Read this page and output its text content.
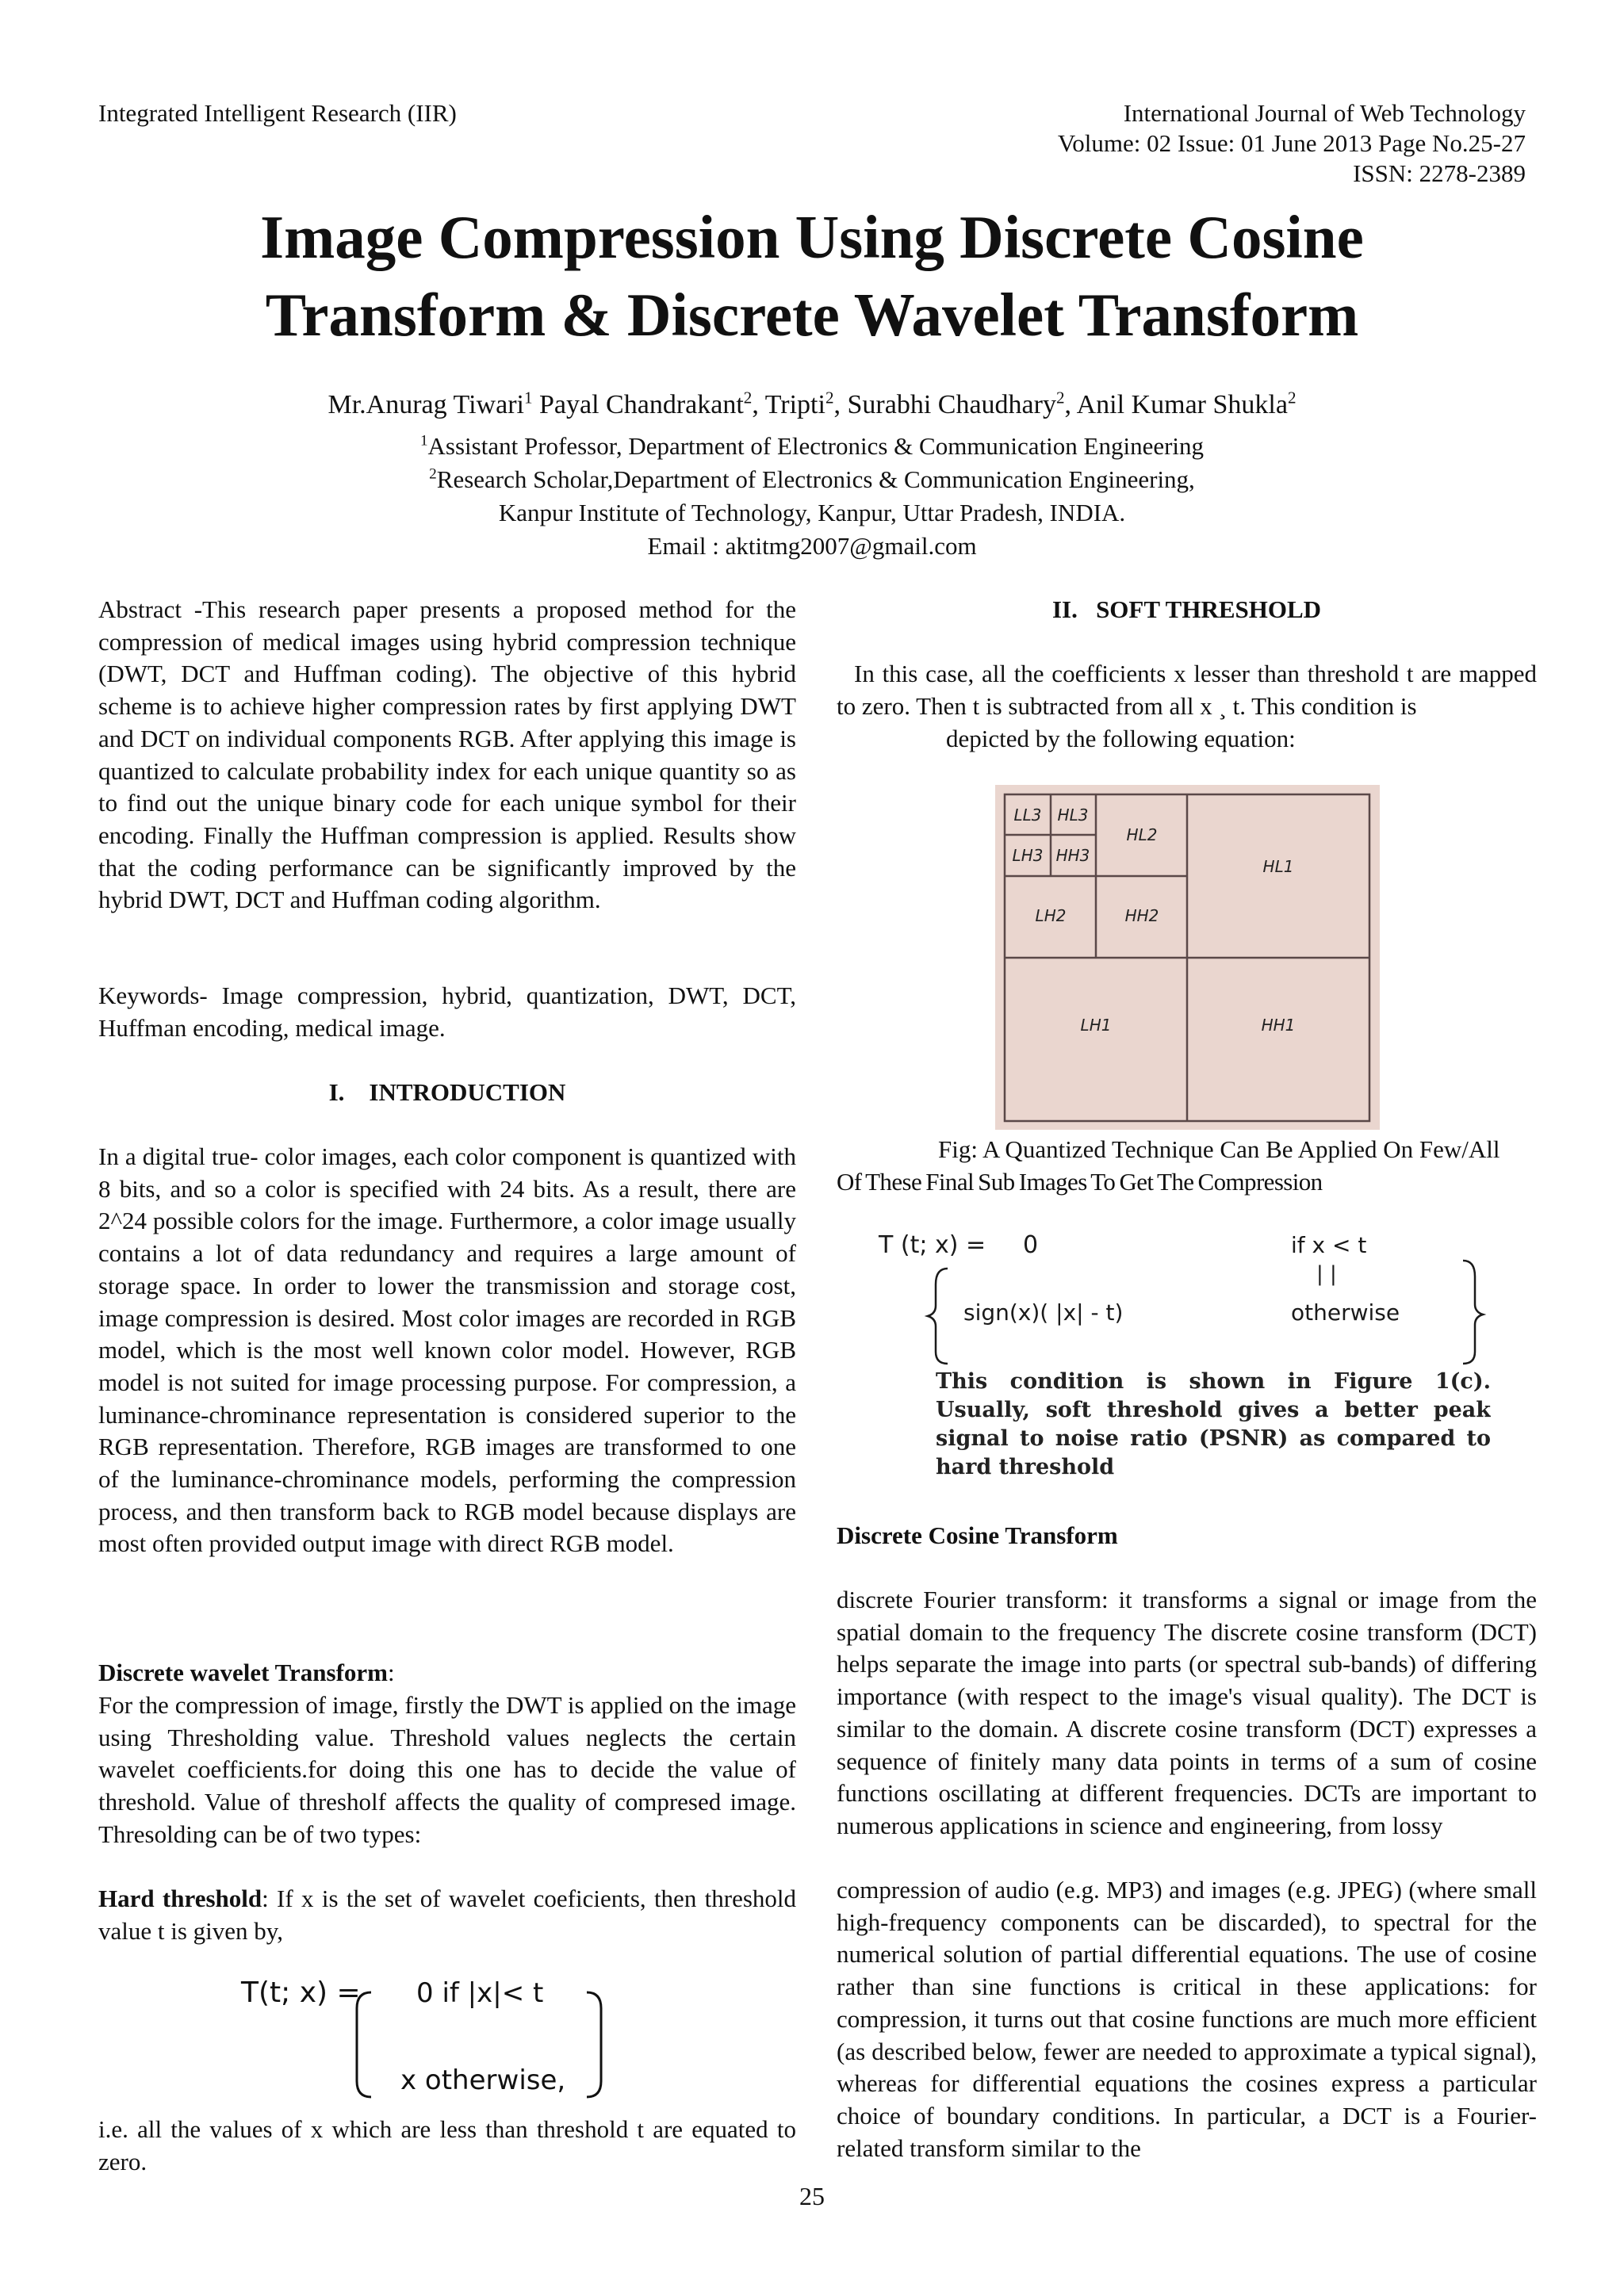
Integrated Intelligent Research (IIR)	International Journal of Web Technology
Volume: 02 Issue: 01 June 2013 Page No.25-27
ISSN: 2278-2389
Image Compression Using Discrete Cosine
Transform & Discrete Wavelet Transform
Mr.Anurag Tiwari$^1$ Payal Chandrakant$^2$, Tripti$^2$, Surabhi Chaudhary$^2$, Anil Kumar Shukla$^2$
$^1$Assistant Professor, Department of Electronics & Communication Engineering
$^2$Research Scholar,Department of Electronics & Communication Engineering,
Kanpur Institute of Technology, Kanpur, Uttar Pradesh, INDIA.
Email : aktitmg2007@gmail.com
Abstract -This research paper presents a proposed method for the compression of medical images using hybrid compression technique (DWT, DCT and Huffman coding). The objective of this hybrid scheme is to achieve higher compression rates by first applying DWT and DCT on individual components RGB. After applying this image is quantized to calculate probability index for each unique quantity so as to find out the unique binary code for each unique symbol for their encoding. Finally the Huffman compression is applied. Results show that the coding performance can be significantly improved by the hybrid DWT, DCT and Huffman coding algorithm.
Keywords- Image compression, hybrid, quantization, DWT, DCT, Huffman encoding, medical image.
I.    INTRODUCTION
In a digital true- color images, each color component is quantized with 8 bits, and so a color is specified with 24 bits. As a result, there are 2^24 possible colors for the image. Furthermore, a color image usually contains a lot of data redundancy and requires a large amount of storage space. In order to lower the transmission and storage cost, image compression is desired. Most color images are recorded in RGB model, which is the most well known color model. However, RGB model is not suited for image processing purpose. For compression, a luminance-chrominance representation is considered superior to the RGB representation. Therefore, RGB images are transformed to one of the luminance-chrominance models, performing the compression process, and then transform back to RGB model because displays are most often provided output image with direct RGB model.
Discrete wavelet Transform:
For the compression of image, firstly the DWT is applied on the image using Thresholding value. Threshold values neglects the certain wavelet coefficients.for doing this one has to decide the value of threshold. Value of thresholf affects the quality of compresed image. Thresolding can be of two types:
Hard threshold: If x is the set of wavelet coeficients, then threshold value t is given by,
T(t; x) = 0 if |x|< t
x otherwise,
i.e. all the values of x which are less than threshold t are equated to zero.
II.   SOFT THRESHOLD
In this case, all the coefficients x lesser than threshold t are mapped to zero. Then t is subtracted from all x ¸ t. This condition is
depicted by the following equation:
LL3 HL3
LH3 HH3
HL2
LH2	HH2
HL1
LH1	HH1
Fig: A Quantized Technique Can Be Applied On Few/All
Of These Final Sub Images To Get The Compression
T (t; x) = 0	if x < t
| |
sign(x)( |x| - t)	otherwise
This condition is shown in Figure 1(c). Usually, soft threshold gives a better peak signal to noise ratio (PSNR) as compared to hard threshold
Discrete Cosine Transform
discrete Fourier transform: it transforms a signal or image from the spatial domain to the frequency The discrete cosine transform (DCT) helps separate the image into parts (or spectral sub-bands) of differing importance (with respect to the image's visual quality). The DCT is similar to the domain. A discrete cosine transform (DCT) expresses a sequence of finitely many data points in terms of a sum of cosine functions oscillating at different frequencies. DCTs are important to numerous applications in science and engineering, from lossy
compression of audio (e.g. MP3) and images (e.g. JPEG) (where small high-frequency components can be discarded), to spectral for the numerical solution of partial differential equations. The use of cosine rather than sine functions is critical in these applications: for compression, it turns out that cosine functions are much more efficient (as described below, fewer are needed to approximate a typical signal), whereas for differential equations the cosines express a particular choice of boundary conditions. In particular, a DCT is a Fourier-related transform similar to the
25
